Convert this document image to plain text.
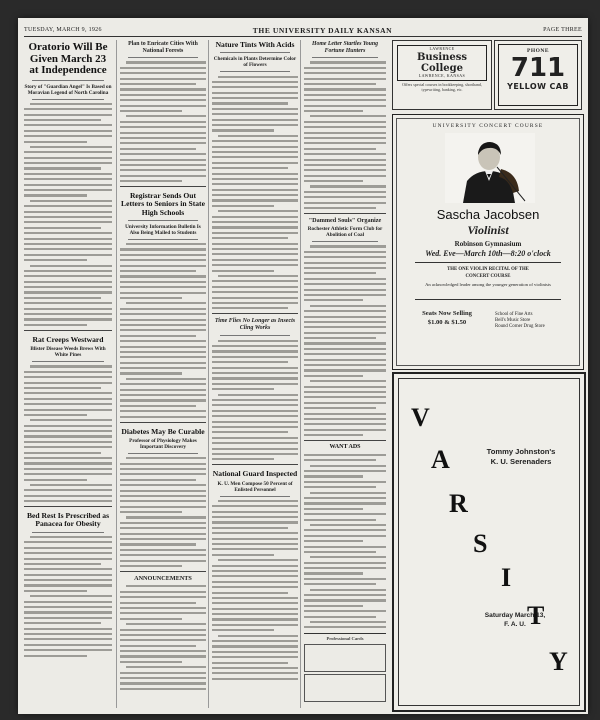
TUESDAY, MARCH 9, 1926	THE UNIVERSITY DAILY KANSAN	PAGE THREE
Oratorio Will Be Given March 23 at Independence
Story of "Guardian Angel" Is Based on Moravian Legend of North Carolina
Rat Creeps Westward
Blister Disease Weeds Brews With White Pines
Bed Rest Is Prescribed as Panacea for Obesity
Plan to Enricate Cities With National Forests
Registrar Sends Out Letters to Seniors in State High Schools
University Information Bulletin Is Also Being Mailed to Students
Diabetes May Be Curable
Professor of Physiology Makes Important Discovery
ANNOUNCEMENTS
Nature Tints With Acids
Chemicals in Plants Determine Color of Flowers
Time Flies No Longer as Insects Cling Works
National Guard Inspected
K. U. Men Compose 50 Percent of Enlisted Personnel
Home Letter Startles Young Fortune Hunters
"Dammed Souls" Organize
Rochester Athletic Form Club for Abolition of Coal
WANT ADS
Professional Cards
LAWRENCE
Business College
LAWRENCE, KANSAS
Offers special courses in bookkeeping, shorthand, typewriting, banking, etc.
PHONE
711
YELLOW CAB
UNIVERSITY CONCERT COURSE
Sascha Jacobsen
Violinist
Robinson Gymnasium
Wed. Eve—March 10th—8:20 o'clock
THE ONE VIOLIN RECITAL OF THE
CONCERT COURSE
An acknowledged leader among the younger generation of violinists
Seats Now Selling
$1.00 & $1.50
School of Fine Arts
Bell's Music Store
Round Corner Drug Store
V
A
R
S
I
T
Y
Tommy Johnston's
K. U. Serenaders
Saturday March 13,
F. A. U.
